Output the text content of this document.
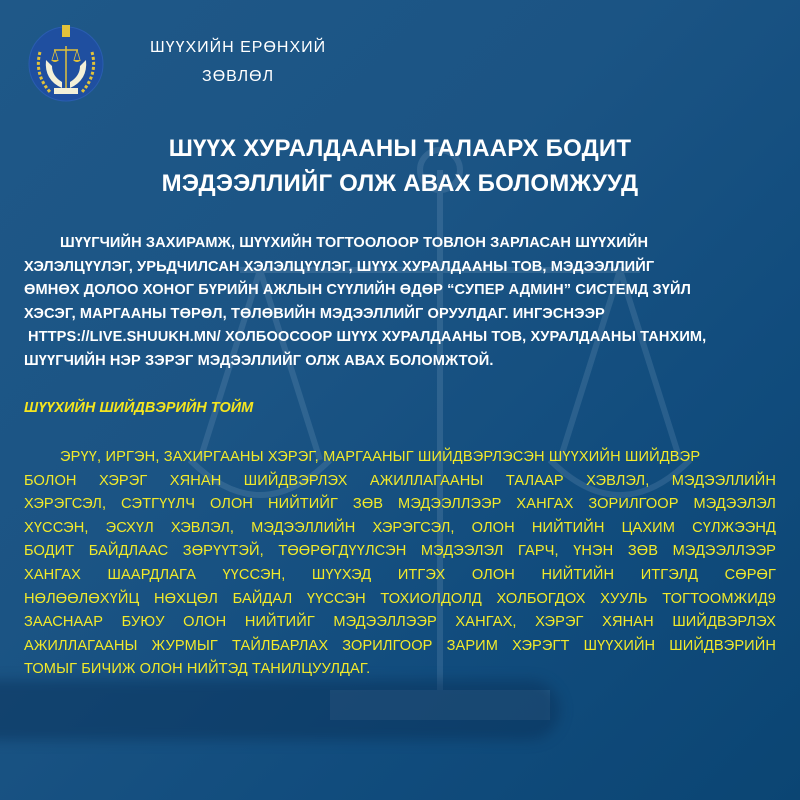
ШҮҮХИЙН ЕРӨНХИЙ
ЗӨВЛӨЛ
ШҮҮХ ХУРАЛДААНЫ ТАЛААРХ БОДИТ
МЭДЭЭЛЛИЙГ ОЛЖ АВАХ БОЛОМЖУУД
ШҮҮГЧИЙН ЗАХИРАМЖ, ШҮҮХИЙН ТОГТООЛООР ТОВЛОН ЗАРЛАСАН ШҮҮХИЙН
ХЭЛЭЛЦҮҮЛЭГ, УРЬДЧИЛСАН ХЭЛЭЛЦҮҮЛЭГ, ШҮҮХ ХУРАЛДААНЫ ТОВ, МЭДЭЭЛЛИЙГ
ӨМНӨХ ДОЛОО ХОНОГ БҮРИЙН АЖЛЫН СҮҮЛИЙН ӨДӨР “СУПЕР АДМИН” СИСТЕМД ЗҮЙЛ
ХЭСЭГ, МАРГААНЫ ТӨРӨЛ, ТӨЛӨВИЙН МЭДЭЭЛЛИЙГ ОРУУЛДАГ. ИНГЭСНЭЭР
HTTPS://LIVE.SHUUKH.MN/ ХОЛБООСООР ШҮҮХ ХУРАЛДААНЫ ТОВ, ХУРАЛДААНЫ ТАНХИМ,
ШҮҮГЧИЙН НЭР ЗЭРЭГ МЭДЭЭЛЛИЙГ ОЛЖ АВАХ БОЛОМЖТОЙ.
ШҮҮХИЙН ШИЙДВЭРИЙН ТОЙМ
ЭРҮҮ, ИРГЭН, ЗАХИРГААНЫ ХЭРЭГ, МАРГААНЫГ ШИЙДВЭРЛЭСЭН ШҮҮХИЙН ШИЙДВЭР
БОЛОН ХЭРЭГ ХЯНАН ШИЙДВЭРЛЭХ АЖИЛЛАГААНЫ ТАЛААР ХЭВЛЭЛ, МЭДЭЭЛЛИЙН
ХЭРЭГСЭЛ, СЭТГҮҮЛЧ ОЛОН НИЙТИЙГ ЗӨВ МЭДЭЭЛЛЭЭР ХАНГАХ ЗОРИЛГООР МЭДЭЭЛЭЛ
ХҮССЭН, ЭСХҮЛ ХЭВЛЭЛ, МЭДЭЭЛЛИЙН ХЭРЭГСЭЛ, ОЛОН НИЙТИЙН ЦАХИМ СҮЛЖЭЭНД
БОДИТ БАЙДЛААС ЗӨРҮҮТЭЙ, ТӨӨРӨГДҮҮЛСЭН МЭДЭЭЛЭЛ ГАРЧ, ҮНЭН ЗӨВ МЭДЭЭЛЛЭЭР
ХАНГАХ ШААРДЛАГА ҮҮССЭН, ШҮҮХЭД ИТГЭХ ОЛОН НИЙТИЙН ИТГЭЛД СӨРӨГ
НӨЛӨӨЛӨХҮЙЦ НӨХЦӨЛ БАЙДАЛ ҮҮССЭН ТОХИОЛДОЛД ХОЛБОГДОХ ХУУЛЬ ТОГТООМЖИД9
ЗААСНААР БУЮУ ОЛОН НИЙТИЙГ МЭДЭЭЛЛЭЭР ХАНГАХ, ХЭРЭГ ХЯНАН ШИЙДВЭРЛЭХ
АЖИЛЛАГААНЫ ЖУРМЫГ ТАЙЛБАРЛАХ ЗОРИЛГООР ЗАРИМ ХЭРЭГТ ШҮҮХИЙН ШИЙДВЭРИЙН
ТОМЫГ БИЧИЖ ОЛОН НИЙТЭД ТАНИЛЦУУЛДАГ.
